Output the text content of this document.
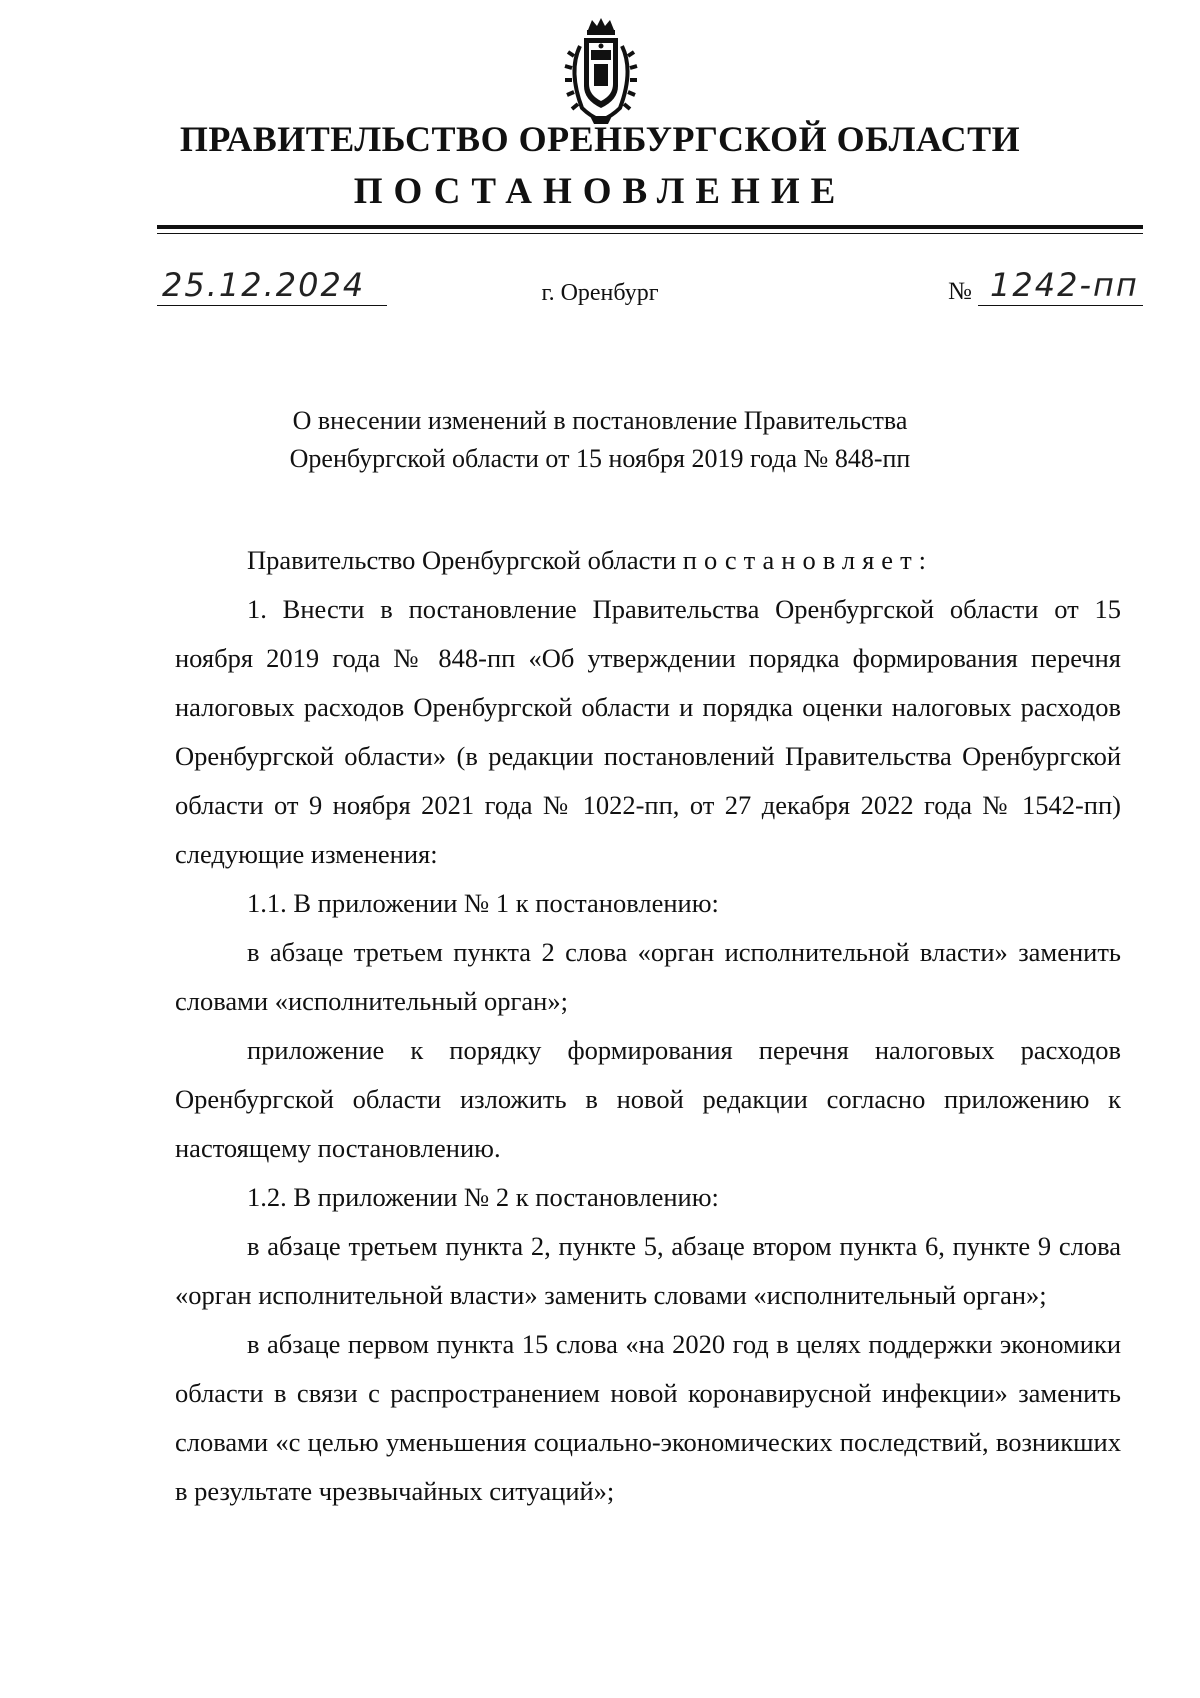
ПРАВИТЕЛЬСТВО ОРЕНБУРГСКОЙ ОБЛАСТИ
ПОСТАНОВЛЕНИЕ
25.12.2024	г. Оренбург	№ 1242-пп
О внесении изменений в постановление Правительства
Оренбургской области от 15 ноября 2019 года № 848-пп

Правительство Оренбургской области постановляет:

1. Внести в постановление Правительства Оренбургской области от 15 ноября 2019 года № 848-пп «Об утверждении порядка формирования перечня налоговых расходов Оренбургской области и порядка оценки налоговых расходов Оренбургской области» (в редакции постановлений Правительства Оренбургской области от 9 ноября 2021 года № 1022-пп, от 27 декабря 2022 года № 1542-пп) следующие изменения:

1.1. В приложении № 1 к постановлению:

в абзаце третьем пункта 2 слова «орган исполнительной власти» заменить словами «исполнительный орган»;

приложение к порядку формирования перечня налоговых расходов Оренбургской области изложить в новой редакции согласно приложению к настоящему постановлению.

1.2. В приложении № 2 к постановлению:

в абзаце третьем пункта 2, пункте 5, абзаце втором пункта 6, пункте 9 слова «орган исполнительной власти» заменить словами «исполнительный орган»;

в абзаце первом пункта 15 слова «на 2020 год в целях поддержки экономики области в связи с распространением новой коронавирусной инфекции» заменить словами «с целью уменьшения социально-экономических последствий, возникших в результате чрезвычайных ситуаций»;
